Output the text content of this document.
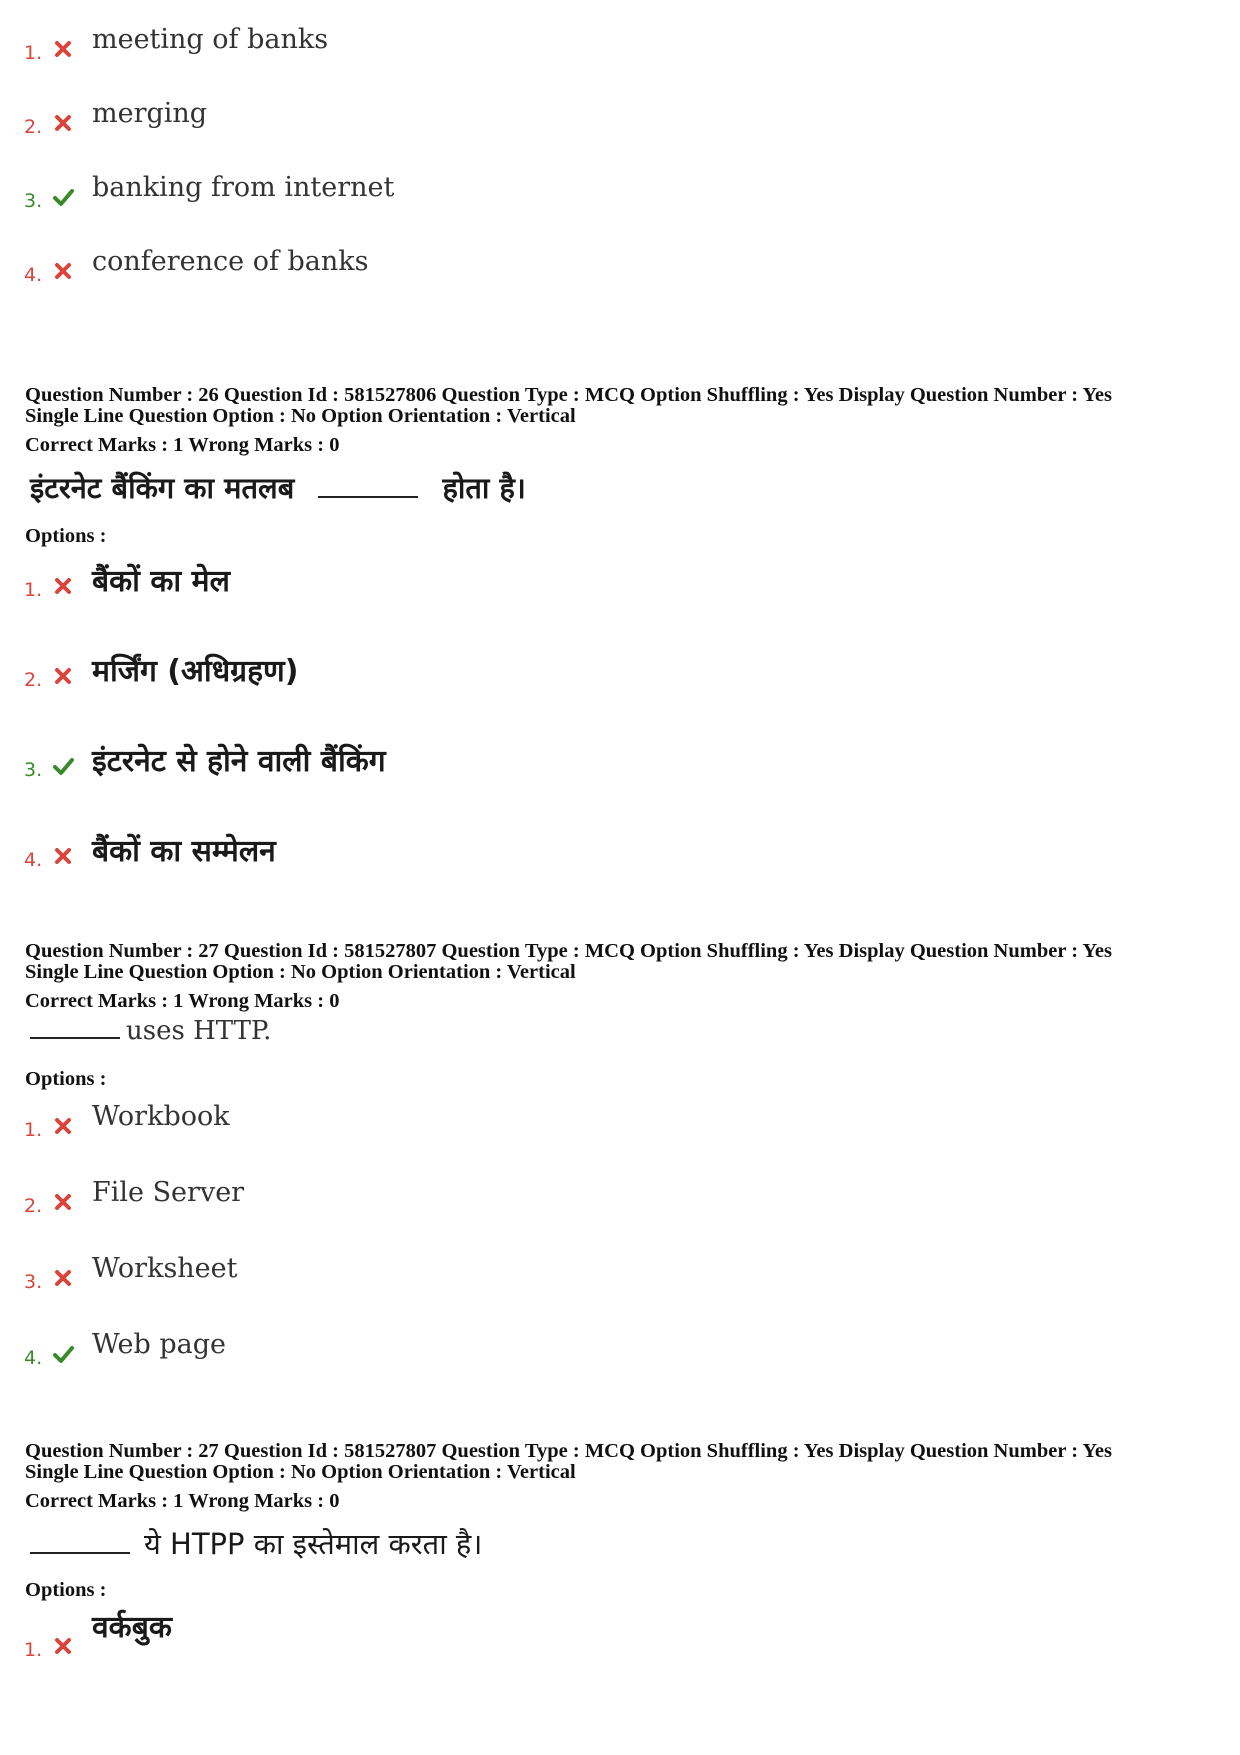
1. meeting of banks
2. merging
3. banking from internet
4. conference of banks
Question Number : 26 Question Id : 581527806 Question Type : MCQ Option Shuffling : Yes Display Question Number : Yes
Single Line Question Option : No Option Orientation : Vertical
Correct Marks : 1 Wrong Marks : 0
इंटरनेट बैंकिंग का मतलब	होता है।
Options :
1. बैंकों का मेल
2. मर्जिंग (अधिग्रहण)
3. इंटरनेट से होने वाली बैंकिंग
4. बैंकों का सम्मेलन
Question Number : 27 Question Id : 581527807 Question Type : MCQ Option Shuffling : Yes Display Question Number : Yes
Single Line Question Option : No Option Orientation : Vertical
Correct Marks : 1 Wrong Marks : 0
uses HTTP.
Options :
1. Workbook
2. File Server
3. Worksheet
4. Web page
Question Number : 27 Question Id : 581527807 Question Type : MCQ Option Shuffling : Yes Display Question Number : Yes
Single Line Question Option : No Option Orientation : Vertical
Correct Marks : 1 Wrong Marks : 0
ये HTPP का इस्तेमाल करता है।
Options :
1.
वर्कबुक
